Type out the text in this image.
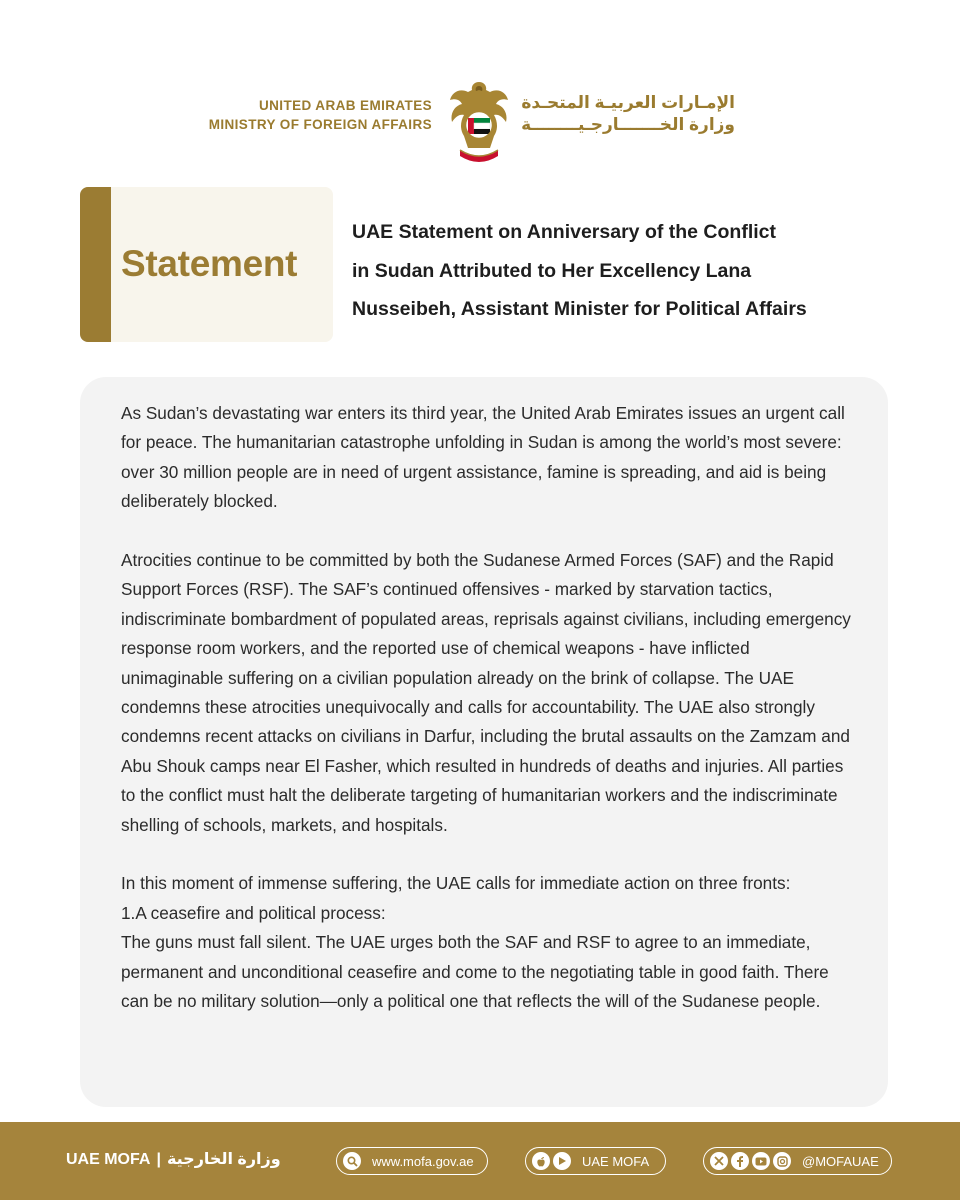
UNITED ARAB EMIRATES
MINISTRY OF FOREIGN AFFAIRS
الإمـارات العربيـة المتحـدة
وزارة الخـــــــارجـيــــــــة
Statement
UAE Statement on Anniversary of the Conflict
in Sudan Attributed to Her Excellency Lana
Nusseibeh, Assistant Minister for Political Affairs

As Sudan’s devastating war enters its third year, the United Arab Emirates issues an urgent call for peace. The humanitarian catastrophe unfolding in Sudan is among the world’s most severe: over 30 million people are in need of urgent assistance, famine is spreading, and aid is being deliberately blocked.

Atrocities continue to be committed by both the Sudanese Armed Forces (SAF) and the Rapid Support Forces (RSF). The SAF’s continued offensives - marked by starvation tactics, indiscriminate bombardment of populated areas, reprisals against civilians, including emergency response room workers, and the reported use of chemical weapons - have inflicted unimaginable suffering on a civilian population already on the brink of collapse. The UAE condemns these atrocities unequivocally and calls for accountability. The UAE also strongly condemns recent attacks on civilians in Darfur, including the brutal assaults on the Zamzam and Abu Shouk camps near El Fasher, which resulted in hundreds of deaths and injuries. All parties to the conflict must halt the deliberate targeting of humanitarian workers and the indiscriminate shelling of schools, markets, and hospitals.

In this moment of immense suffering, the UAE calls for immediate action on three fronts:

1.A ceasefire and political process:

The guns must fall silent. The UAE urges both the SAF and RSF to agree to an immediate, permanent and unconditional ceasefire and come to the negotiating table in good faith. There can be no military solution—only a political one that reflects the will of the Sudanese people.

UAE MOFA | وزارة الخارجية	www.mofa.gov.ae	UAE MOFA	@MOFAUAE
